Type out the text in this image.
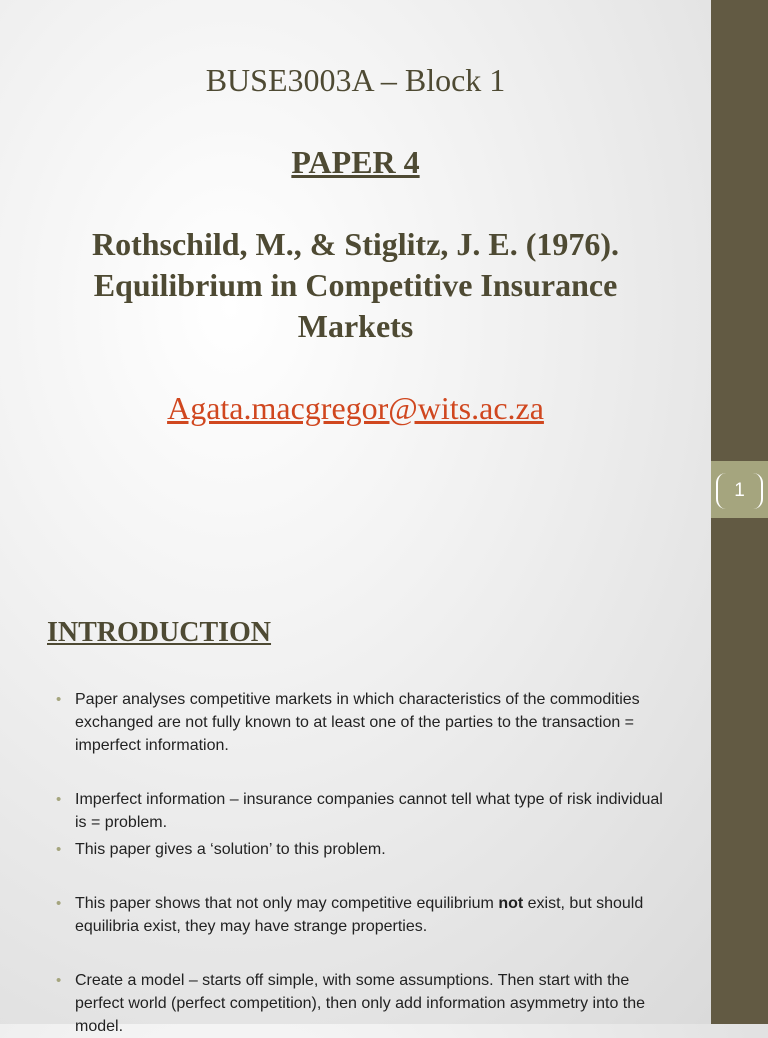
1
BUSE3003A – Block 1
PAPER 4
Rothschild, M., & Stiglitz, J. E. (1976).
Equilibrium in Competitive Insurance
Markets
Agata.macgregor@wits.ac.za
INTRODUCTION
• Paper analyses competitive markets in which characteristics of the commodities exchanged are not fully known to at least one of the parties to the transaction = imperfect information.
• Imperfect information – insurance companies cannot tell what type of risk individual is = problem.
• This paper gives a ‘solution’ to this problem.
• This paper shows that not only may competitive equilibrium not exist, but should equilibria exist, they may have strange properties.
• Create a model – starts off simple, with some assumptions. Then start with the perfect world (perfect competition), then only add information asymmetry into the model.
